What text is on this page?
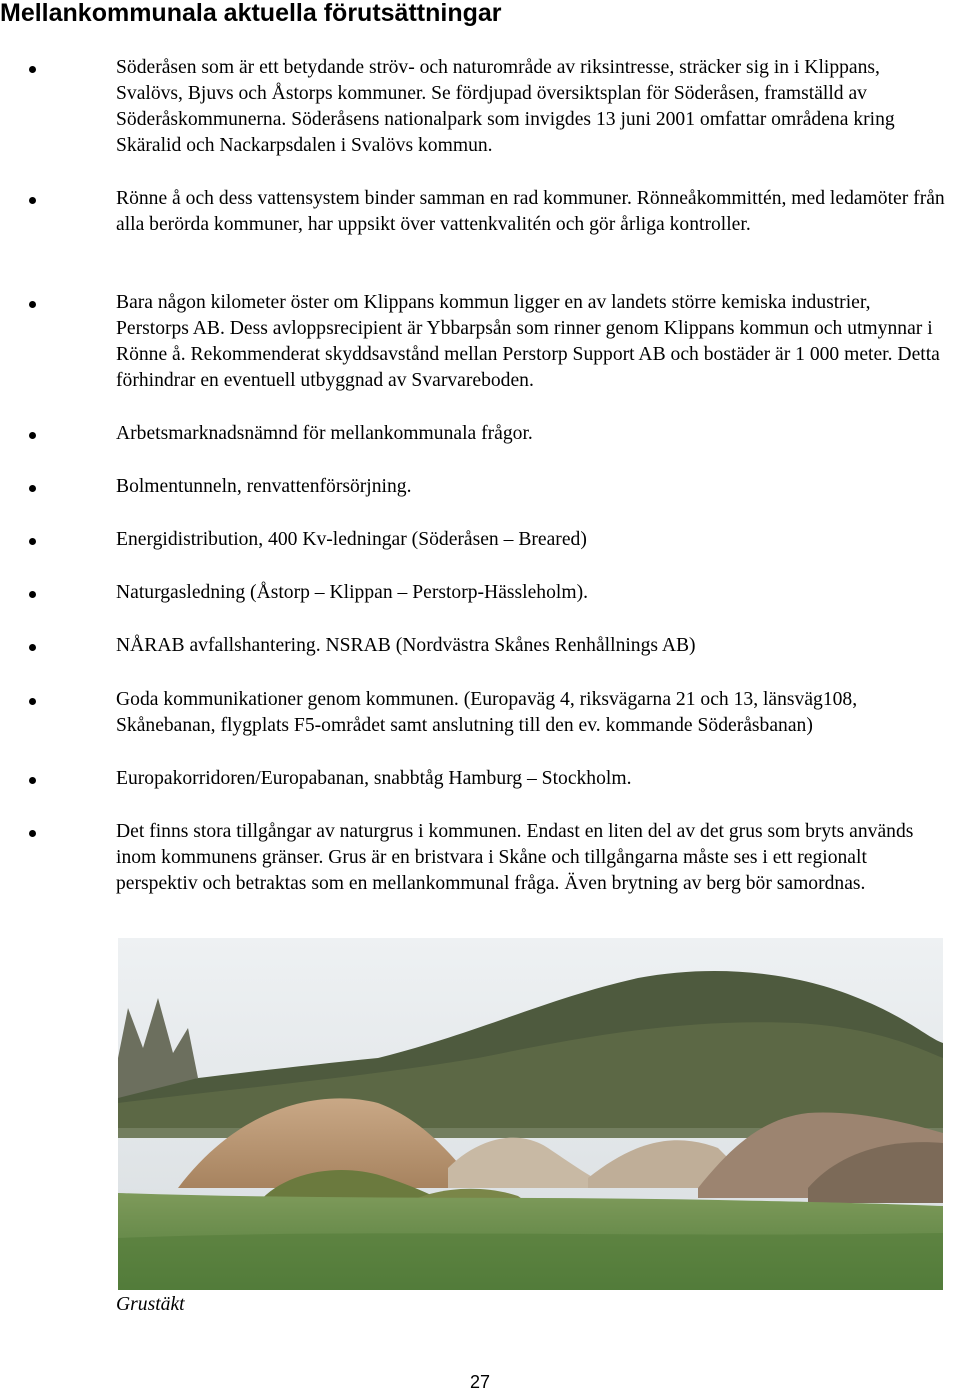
Mellankommunala aktuella förutsättningar
Söderåsen som är ett betydande ströv- och naturområde av riksintresse, sträcker sig in i Klippans, Svalövs, Bjuvs och Åstorps kommuner. Se fördjupad översiktsplan för Söderåsen, framställd av Söderåskommunerna. Söderåsens nationalpark som invigdes 13 juni 2001 omfattar områdena kring Skäralid och Nackarpsdalen i Svalövs kommun.
Rönne å och dess vattensystem binder samman en rad kommuner. Rönneåkommittén, med ledamöter från alla berörda kommuner, har uppsikt över vattenkvalitén och gör årliga kontroller.
Bara någon kilometer öster om Klippans kommun ligger en av landets större kemiska industrier, Perstorps AB. Dess avloppsrecipient är Ybbarpsån som rinner genom Klippans kommun och utmynnar i Rönne å. Rekommenderat skyddsavstånd mellan Perstorp Support AB och bostäder är 1 000 meter. Detta förhindrar en eventuell utbyggnad av Svarvareboden.
Arbetsmarknadsnämnd för mellankommunala frågor.
Bolmentunneln, renvattenförsörjning.
Energidistribution, 400 Kv-ledningar (Söderåsen – Breared)
Naturgasledning (Åstorp – Klippan – Perstorp-Hässleholm).
NÅRAB avfallshantering. NSRAB (Nordvästra Skånes Renhållnings AB)
Goda kommunikationer genom kommunen. (Europaväg 4, riksvägarna 21 och 13, länsväg108, Skånebanan, flygplats F5-området samt anslutning till den ev. kommande Söderåsbanan)
Europakorridoren/Europabanan, snabbtåg Hamburg – Stockholm.
Det finns stora tillgångar av naturgrus i kommunen. Endast en liten del av det grus som bryts används inom kommunens gränser. Grus är en bristvara i Skåne och tillgångarna måste ses i ett regionalt perspektiv och betraktas som en mellankommunal fråga. Även brytning av berg bör samordnas.
Grustäkt
27
